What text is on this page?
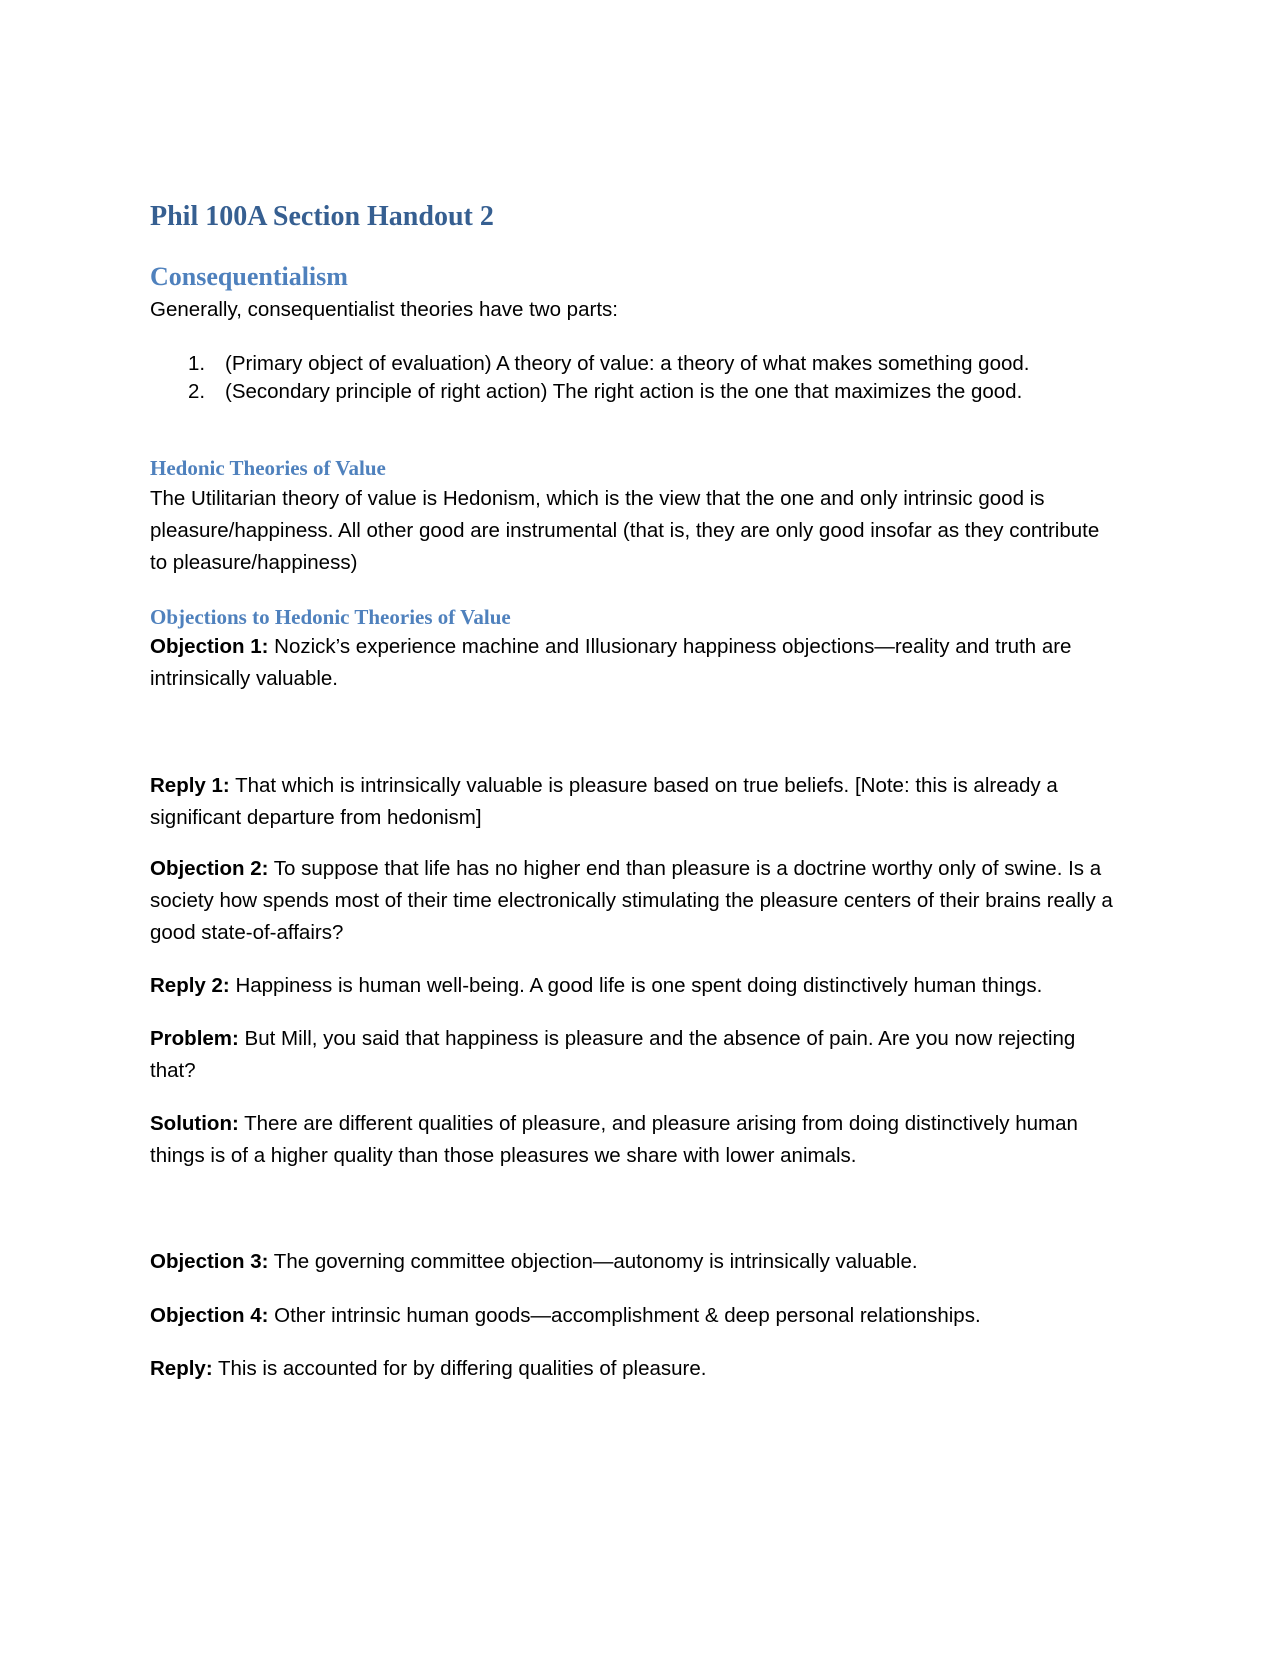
Phil 100A Section Handout 2
Consequentialism

Generally, consequentialist theories have two parts:

1. (Primary object of evaluation) A theory of value: a theory of what makes something good.
2. (Secondary principle of right action) The right action is the one that maximizes the good.
Hedonic Theories of Value

The Utilitarian theory of value is Hedonism, which is the view that the one and only intrinsic good is pleasure/happiness. All other good are instrumental (that is, they are only good insofar as they contribute to pleasure/happiness)

Objections to Hedonic Theories of Value

Objection 1: Nozick’s experience machine and Illusionary happiness objections—reality and truth are intrinsically valuable.

Reply 1: That which is intrinsically valuable is pleasure based on true beliefs. [Note: this is already a significant departure from hedonism]

Objection 2: To suppose that life has no higher end than pleasure is a doctrine worthy only of swine. Is a society how spends most of their time electronically stimulating the pleasure centers of their brains really a good state-of-affairs?

Reply 2: Happiness is human well-being. A good life is one spent doing distinctively human things.

Problem: But Mill, you said that happiness is pleasure and the absence of pain. Are you now rejecting that?

Solution: There are different qualities of pleasure, and pleasure arising from doing distinctively human things is of a higher quality than those pleasures we share with lower animals.

Objection 3: The governing committee objection—autonomy is intrinsically valuable.

Objection 4: Other intrinsic human goods—accomplishment & deep personal relationships.

Reply: This is accounted for by differing qualities of pleasure.
